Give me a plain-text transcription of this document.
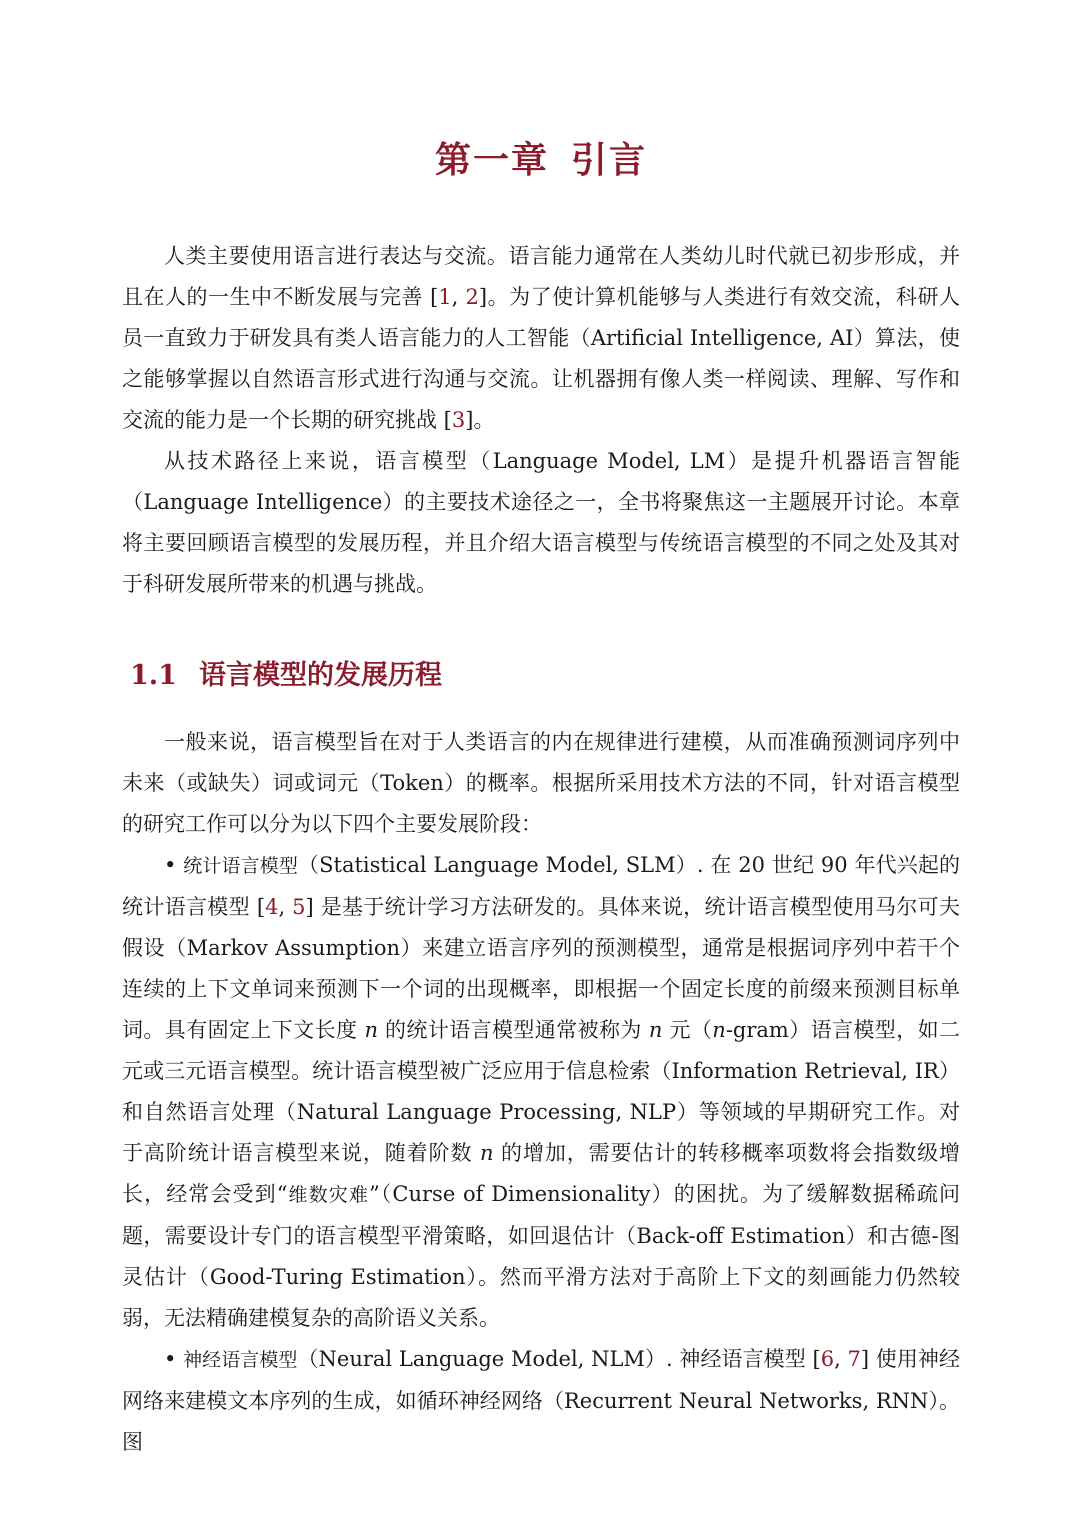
第一章 引言

人类主要使用语言进行表达与交流。语言能力通常在人类幼儿时代就已初步形成，并且在人的一生中不断发展与完善 [1, 2]。为了使计算机能够与人类进行有效交流，科研人员一直致力于研发具有类人语言能力的人工智能（Artificial Intelligence, AI）算法，使之能够掌握以自然语言形式进行沟通与交流。让机器拥有像人类一样阅读、理解、写作和交流的能力是一个长期的研究挑战 [3]。

从技术路径上来说，语言模型（Language Model, LM）是提升机器语言智能（Language Intelligence）的主要技术途径之一，全书将聚焦这一主题展开讨论。本章将主要回顾语言模型的发展历程，并且介绍大语言模型与传统语言模型的不同之处及其对于科研发展所带来的机遇与挑战。

1.1 语言模型的发展历程

一般来说，语言模型旨在对于人类语言的内在规律进行建模，从而准确预测词序列中未来（或缺失）词或词元（Token）的概率。根据所采用技术方法的不同，针对语言模型的研究工作可以分为以下四个主要发展阶段：

• 统计语言模型（Statistical Language Model, SLM）. 在 20 世纪 90 年代兴起的统计语言模型 [4, 5] 是基于统计学习方法研发的。具体来说，统计语言模型使用马尔可夫假设（Markov Assumption）来建立语言序列的预测模型，通常是根据词序列中若干个连续的上下文单词来预测下一个词的出现概率，即根据一个固定长度的前缀来预测目标单词。具有固定上下文长度 n 的统计语言模型通常被称为 n 元（n-gram）语言模型，如二元或三元语言模型。统计语言模型被广泛应用于信息检索（Information Retrieval, IR）和自然语言处理（Natural Language Processing, NLP）等领域的早期研究工作。对于高阶统计语言模型来说，随着阶数 n 的增加，需要估计的转移概率项数将会指数级增长，经常会受到“维数灾难”（Curse of Dimensionality）的困扰。为了缓解数据稀疏问题，需要设计专门的语言模型平滑策略，如回退估计（Back-off Estimation）和古德-图灵估计（Good-Turing Estimation）。然而平滑方法对于高阶上下文的刻画能力仍然较弱，无法精确建模复杂的高阶语义关系。

• 神经语言模型（Neural Language Model, NLM）. 神经语言模型 [6, 7] 使用神经网络来建模文本序列的生成，如循环神经网络（Recurrent Neural Networks, RNN）。图
